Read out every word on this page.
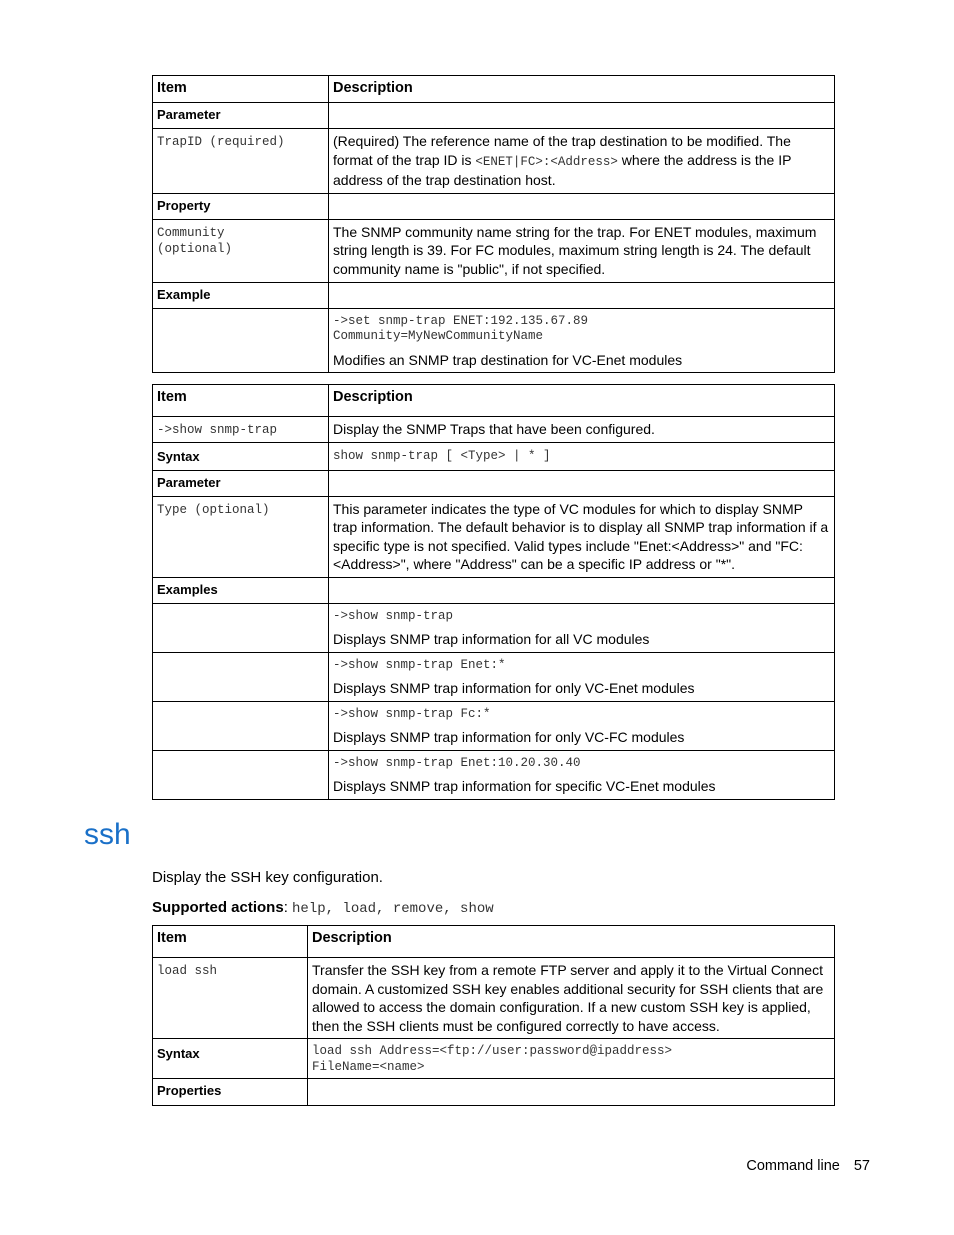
Item	Description
Parameter	
TrapID (required)	(Required) The reference name of the trap destination to be modified. The format of the trap ID is <ENET|FC>:<Address> where the address is the IP address of the trap destination host.
Property	

Community
(optional)	The SNMP community name string for the trap. For ENET modules, maximum string length is 39. For FC modules, maximum string length is 24. The default community name is "public", if not specified.
Example	

	->set snmp-trap ENET:192.135.67.89
Community=MyNewCommunityName
Modifies an SNMP trap destination for VC-Enet modules
Item	Description
->show snmp-trap	Display the SNMP Traps that have been configured.
Syntax	show snmp-trap [ <Type> | * ]
Parameter	
Type (optional)	This parameter indicates the type of VC modules for which to display SNMP trap information. The default behavior is to display all SNMP trap information if a specific type is not specified. Valid types include "Enet:<Address>" and "FC:<Address>", where "Address" can be a specific IP address or "*".
Examples	

	->show snmp-trap
Displays SNMP trap information for all VC modules

	->show snmp-trap Enet:*
Displays SNMP trap information for only VC-Enet modules

	->show snmp-trap Fc:*
Displays SNMP trap information for only VC-FC modules

	->show snmp-trap Enet:10.20.30.40
Displays SNMP trap information for specific VC-Enet modules
ssh

Display the SSH key configuration.

Supported actions: help, load, remove, show

Item	Description
load ssh	Transfer the SSH key from a remote FTP server and apply it to the Virtual Connect domain. A customized SSH key enables additional security for SSH clients that are allowed to access the domain configuration. If a new custom SSH key is applied, then the SSH clients must be configured correctly to have access.
Syntax	load ssh Address=<ftp://user:password@ipaddress>
FileName=<name>

Properties	
Command line 57
